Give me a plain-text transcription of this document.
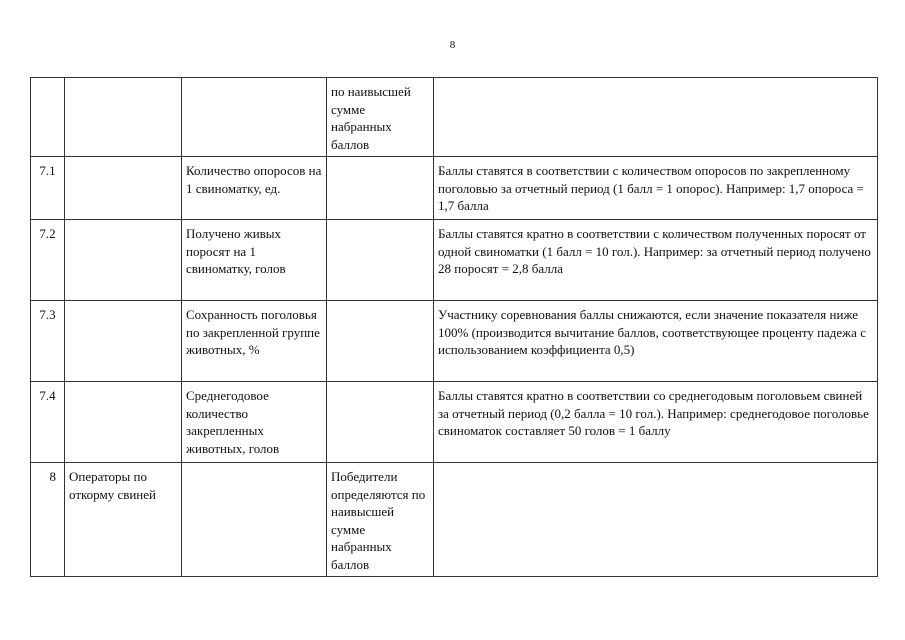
8
			по наивысшей сумме набранных баллов	
7.1		Количество опоросов на 1 свиноматку, ед.		Баллы ставятся в соответствии с количеством опоросов по закрепленному поголовью за отчетный период (1 балл = 1 опорос). Например: 1,7 опороса = 1,7 балла
7.2		Получено живых поросят на 1 свиноматку, голов		Баллы ставятся кратно в соответствии с количеством полученных поросят от одной свиноматки (1 балл = 10 гол.). Например: за отчетный период получено 28 поросят = 2,8 балла
7.3		Сохранность поголовья по закрепленной группе животных, %		Участнику соревнования баллы снижаются, если значение показателя ниже 100% (производится вычитание баллов, соответствующее проценту падежа с использованием коэффициента 0,5)
7.4		Среднегодовое количество закрепленных животных, голов		Баллы ставятся кратно в соответствии со среднегодовым поголовьем свиней за отчетный период (0,2 балла = 10 гол.). Например: среднегодовое поголовье свиноматок составляет 50 голов = 1 баллу
8	Операторы по откорму свиней		Победители определяются по наивысшей сумме набранных баллов	
